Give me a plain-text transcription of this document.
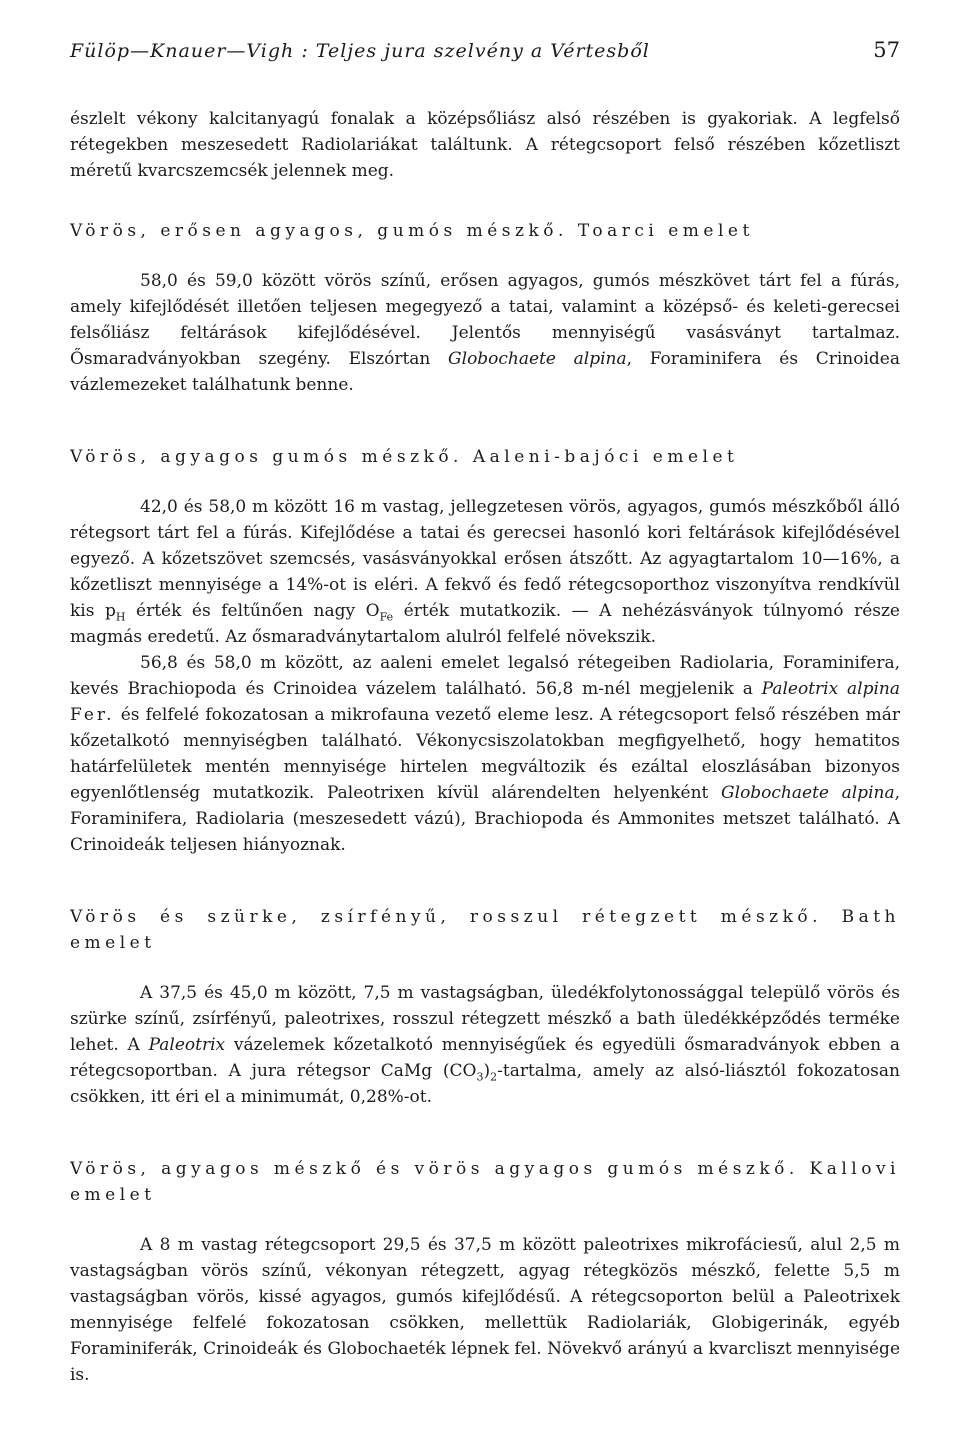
Fülöp—Knauer—Vigh : Teljes jura szelvény a Vértesből	57

észlelt vékony kalcitanyagú fonalak a középsőliász alsó részében is gyakoriak. A legfelső rétegekben meszesedett Radiolariákat találtunk. A rétegcsoport felső részében kőzetliszt méretű kvarcszemcsék jelennek meg.

Vörös, erősen agyagos, gumós mészkő. Toarci emelet

58,0 és 59,0 között vörös színű, erősen agyagos, gumós mészkövet tárt fel a fúrás, amely kifejlődését illetően teljesen megegyező a tatai, valamint a középső- és keleti-gerecsei felsőliász feltárások kifejlődésével. Jelentős mennyiségű vasásványt tartalmaz. Ősmaradványokban szegény. Elszórtan Globochaete alpina, Foraminifera és Crinoidea vázlemezeket találhatunk benne.

Vörös, agyagos gumós mészkő. Aaleni-bajóci emelet

42,0 és 58,0 m között 16 m vastag, jellegzetesen vörös, agyagos, gumós mészkőből álló rétegsort tárt fel a fúrás. Kifejlődése a tatai és gerecsei hasonló kori feltárások kifejlődésével egyező. A kőzetszövet szemcsés, vasásványokkal erősen átszőtt. Az agyagtartalom 10—16%, a kőzetliszt mennyisége a 14%-ot is eléri. A fekvő és fedő rétegcsoporthoz viszonyítva rendkívül kis $p_H$ érték és feltűnően nagy $O_{Fe}$ érték mutatkozik. — A nehézásványok túlnyomó része magmás eredetű. Az ősmaradványtartalom alulról felfelé növekszik.

56,8 és 58,0 m között, az aaleni emelet legalsó rétegeiben Radiolaria, Foraminifera, kevés Brachiopoda és Crinoidea vázelem található. 56,8 m-nél megjelenik a Paleotrix alpina Fer. és felfelé fokozatosan a mikrofauna vezető eleme lesz. A rétegcsoport felső részében már kőzetalkotó mennyiségben található. Vékonycsiszolatokban megfigyelhető, hogy hematitos határfelületek mentén mennyisége hirtelen megváltozik és ezáltal eloszlásában bizonyos egyenlőtlenség mutatkozik. Paleotrixen kívül alárendelten helyenként Globochaete alpina, Foraminifera, Radiolaria (meszesedett vázú), Brachiopoda és Ammonites metszet található. A Crinoideák teljesen hiányoznak.

Vörös és szürke, zsírfényű, rosszul rétegzett mészkő. Bath emelet

A 37,5 és 45,0 m között, 7,5 m vastagságban, üledékfolytonossággal települő vörös és szürke színű, zsírfényű, paleotrixes, rosszul rétegzett mészkő a bath üledékképződés terméke lehet. A Paleotrix vázelemek kőzetalkotó mennyiségűek és egyedüli ősmaradványok ebben a rétegcsoportban. A jura rétegsor CaMg $(CO_3)_2$-tartalma, amely az alsó-liásztól fokozatosan csökken, itt éri el a minimumát, 0,28%-ot.

Vörös, agyagos mészkő és vörös agyagos gumós mészkő. Kallovi emelet

A 8 m vastag rétegcsoport 29,5 és 37,5 m között paleotrixes mikrofáciesű, alul 2,5 m vastagságban vörös színű, vékonyan rétegzett, agyag rétegközös mészkő, felette 5,5 m vastagságban vörös, kissé agyagos, gumós kifejlődésű. A rétegcsoporton belül a Paleotrixek mennyisége felfelé fokozatosan csökken, mellettük Radiolariák, Globigerinák, egyéb Foraminiferák, Crinoideák és Globochaeték lépnek fel. Növekvő arányú a kvarcliszt mennyisége is.
